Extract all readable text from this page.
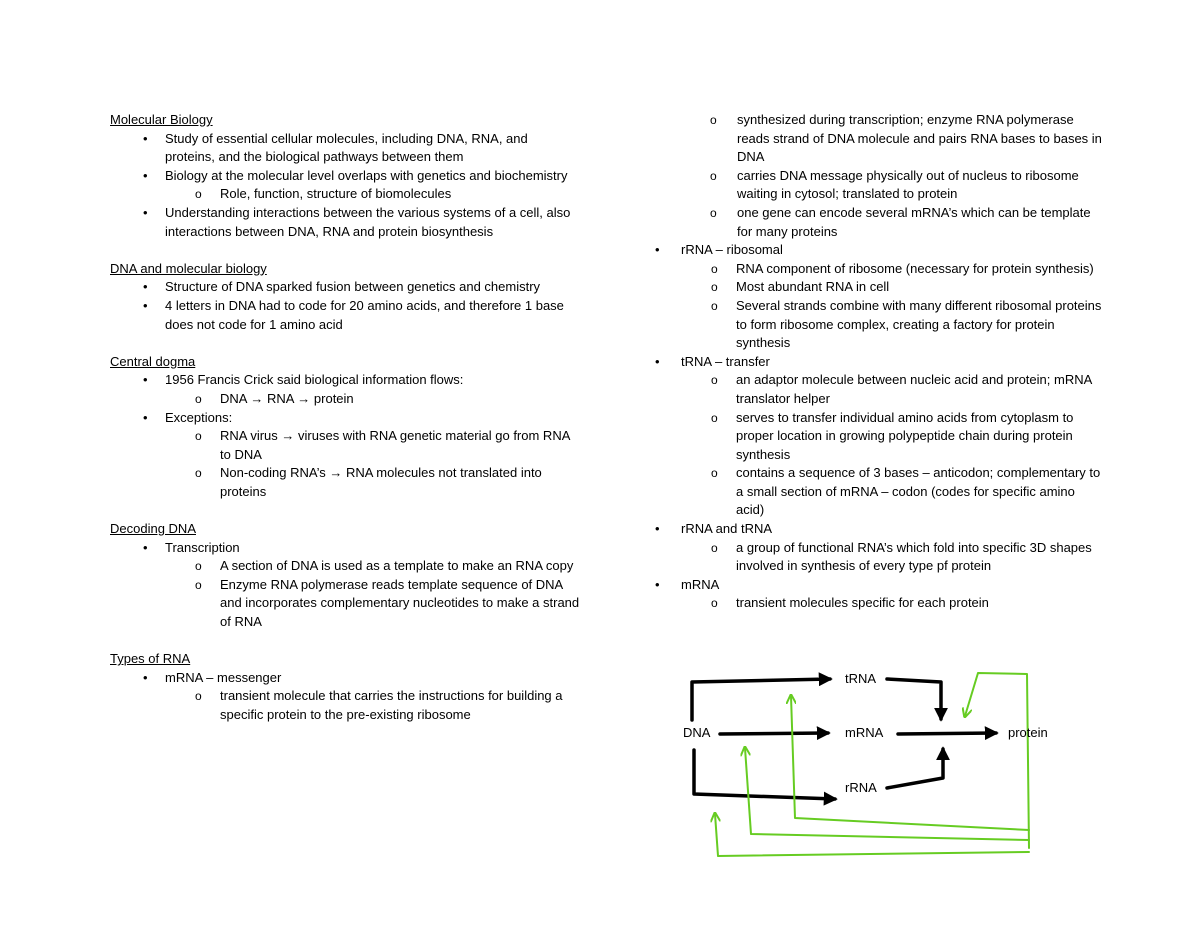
Molecular Biology
• Study of essential cellular molecules, including DNA, RNA, and proteins, and the biological pathways between them
• Biology at the molecular level overlaps with genetics and biochemistry
o Role, function, structure of biomolecules
• Understanding interactions between the various systems of a cell, also interactions between DNA, RNA and protein biosynthesis
DNA and molecular biology
• Structure of DNA sparked fusion between genetics and chemistry
• 4 letters in DNA had to code for 20 amino acids, and therefore 1 base does not code for 1 amino acid
Central dogma
• 1956 Francis Crick said biological information flows:
o DNA → RNA → protein
• Exceptions:
o RNA virus → viruses with RNA genetic material go from RNA to DNA
o Non-coding RNA’s → RNA molecules not translated into proteins
Decoding DNA
• Transcription
o A section of DNA is used as a template to make an RNA copy
o Enzyme RNA polymerase reads template sequence of DNA and incorporates complementary nucleotides to make a strand of RNA
Types of RNA
• mRNA – messenger
o transient molecule that carries the instructions for building a specific protein to the pre-existing ribosome
o synthesized during transcription; enzyme RNA polymerase reads strand of DNA molecule and pairs RNA bases to bases in DNA
o carries DNA message physically out of nucleus to ribosome waiting in cytosol; translated to protein
o one gene can encode several mRNA’s which can be template for many proteins
• rRNA – ribosomal
o RNA component of ribosome (necessary for protein synthesis)
o Most abundant RNA in cell
o Several strands combine with many different ribosomal proteins to form ribosome complex, creating a factory for protein synthesis
• tRNA – transfer
o an adaptor molecule between nucleic acid and protein; mRNA translator helper
o serves to transfer individual amino acids from cytoplasm to proper location in growing polypeptide chain during protein synthesis
o contains a sequence of 3 bases – anticodon; complementary to a small section of mRNA – codon (codes for specific amino acid)
• rRNA and tRNA
o a group of functional RNA’s which fold into specific 3D shapes involved in synthesis of every type pf protein
• mRNA
o transient molecules specific for each protein
DNA
tRNA
mRNA
rRNA
protein
